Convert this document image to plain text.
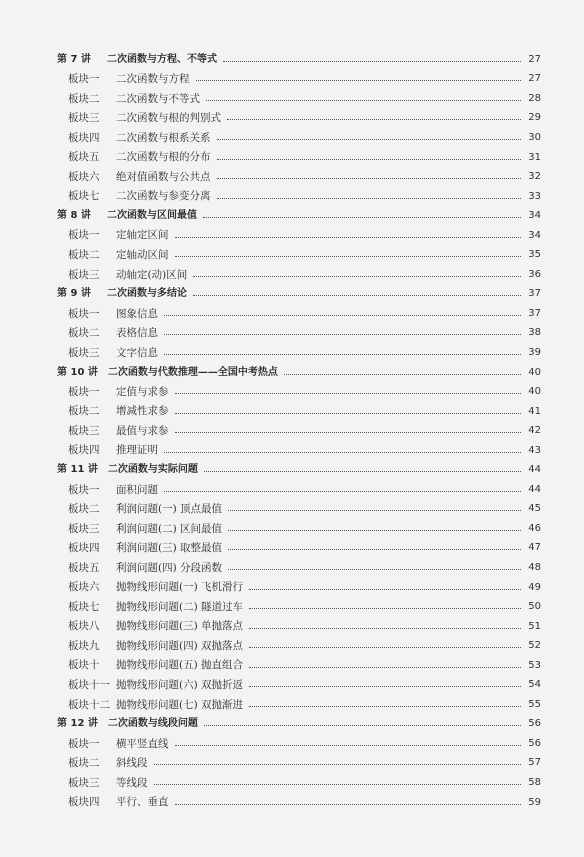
第 7 讲	二次函数与方程、不等式	27
板块一	二次函数与方程	27
板块二	二次函数与不等式	28
板块三	二次函数与根的判别式	29
板块四	二次函数与根系关系	30
板块五	二次函数与根的分布	31
板块六	绝对值函数与公共点	32
板块七	二次函数与参变分离	33
第 8 讲	二次函数与区间最值	34
板块一	定轴定区间	34
板块二	定轴动区间	35
板块三	动轴定(动)区间	36
第 9 讲	二次函数与多结论	37
板块一	图象信息	37
板块二	表格信息	38
板块三	文字信息	39
第 10 讲 二次函数与代数推理——全国中考热点	40
板块一	定值与求参	40
板块二	增减性求参	41
板块三	最值与求参	42
板块四	推理证明	43
第 11 讲 二次函数与实际问题	44
板块一	面积问题	44
板块二	利润问题(一) 顶点最值	45
板块三	利润问题(二) 区间最值	46
板块四	利润问题(三) 取整最值	47
板块五	利润问题(四) 分段函数	48
板块六	抛物线形问题(一) 飞机滑行	49
板块七	抛物线形问题(二) 隧道过车	50
板块八	抛物线形问题(三) 单抛落点	51
板块九	抛物线形问题(四) 双抛落点	52
板块十	抛物线形问题(五) 抛直组合	53
板块十一 抛物线形问题(六) 双抛折返	54
板块十二 抛物线形问题(七) 双抛渐进	55
第 12 讲 二次函数与线段问题	56
板块一	横平竖直线	56
板块二	斜线段	57
板块三	等线段	58
板块四	平行、垂直	59
